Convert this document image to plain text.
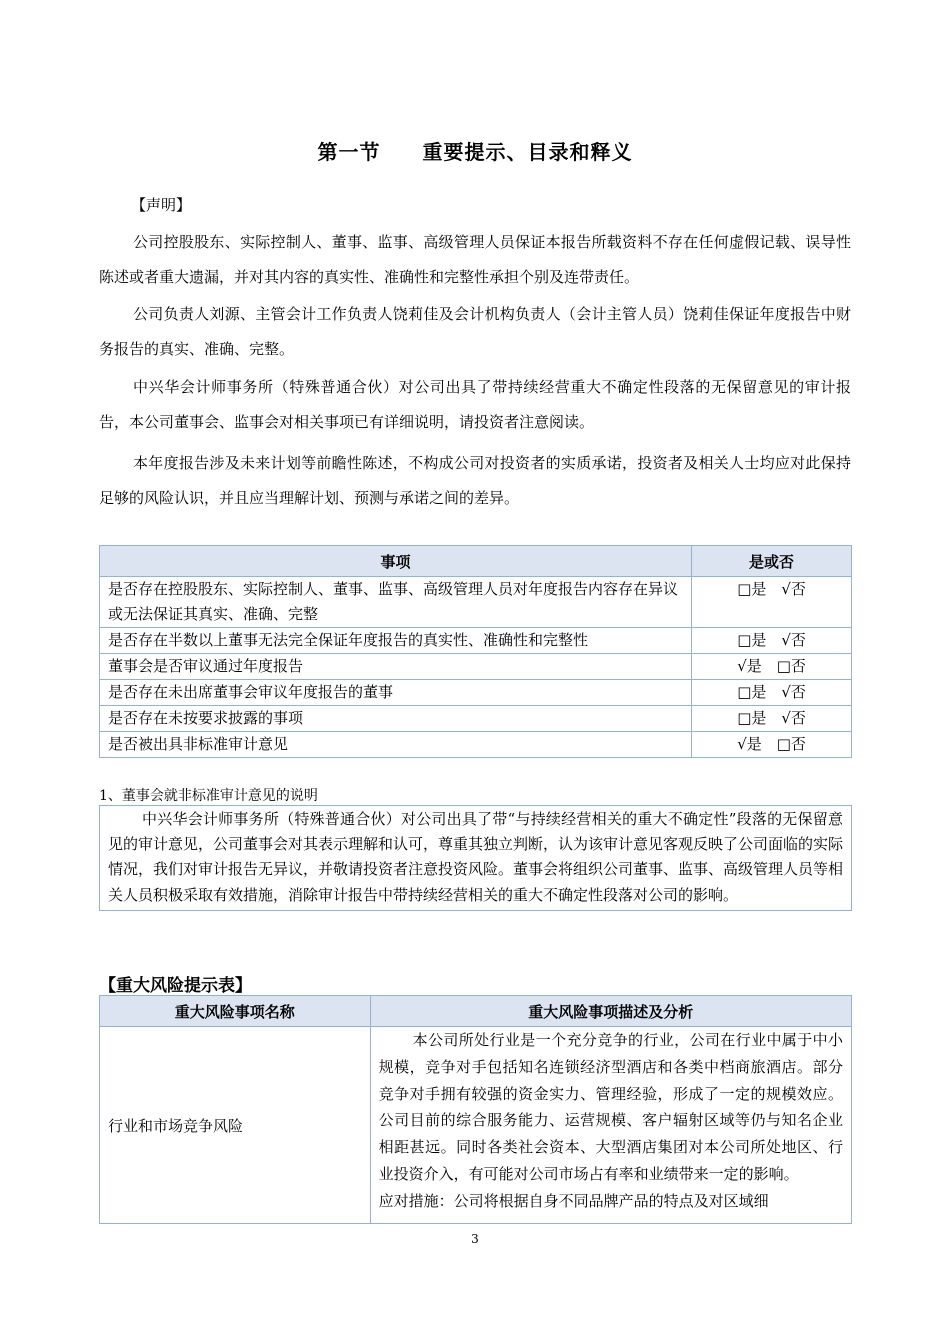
第一节　　重要提示、目录和释义
【声明】
公司控股股东、实际控制人、董事、监事、高级管理人员保证本报告所载资料不存在任何虚假记载、误导性陈述或者重大遗漏，并对其内容的真实性、准确性和完整性承担个别及连带责任。
公司负责人刘源、主管会计工作负责人饶莉佳及会计机构负责人（会计主管人员）饶莉佳保证年度报告中财务报告的真实、准确、完整。
中兴华会计师事务所（特殊普通合伙）对公司出具了带持续经营重大不确定性段落的无保留意见的审计报告，本公司董事会、监事会对相关事项已有详细说明，请投资者注意阅读。
本年度报告涉及未来计划等前瞻性陈述，不构成公司对投资者的实质承诺，投资者及相关人士均应对此保持足够的风险认识，并且应当理解计划、预测与承诺之间的差异。
事项	是或否
是否存在控股股东、实际控制人、董事、监事、高级管理人员对年度报告内容存在异议或无法保证其真实、准确、完整	□是　√否
是否存在半数以上董事无法完全保证年度报告的真实性、准确性和完整性	□是　√否
董事会是否审议通过年度报告	√是　□否
是否存在未出席董事会审议年度报告的董事	□是　√否
是否存在未按要求披露的事项	□是　√否
是否被出具非标准审计意见	√是　□否
1、董事会就非标准审计意见的说明
中兴华会计师事务所（特殊普通合伙）对公司出具了带“与持续经营相关的重大不确定性”段落的无保留意见的审计意见，公司董事会对其表示理解和认可，尊重其独立判断，认为该审计意见客观反映了公司面临的实际情况，我们对审计报告无异议，并敬请投资者注意投资风险。董事会将组织公司董事、监事、高级管理人员等相关人员积极采取有效措施，消除审计报告中带持续经营相关的重大不确定性段落对公司的影响。
【重大风险提示表】
重大风险事项名称	重大风险事项描述及分析
行业和市场竞争风险	本公司所处行业是一个充分竞争的行业，公司在行业中属于中小规模，竞争对手包括知名连锁经济型酒店和各类中档商旅酒店。部分竞争对手拥有较强的资金实力、管理经验，形成了一定的规模效应。公司目前的综合服务能力、运营规模、客户辐射区域等仍与知名企业相距甚远。同时各类社会资本、大型酒店集团对本公司所处地区、行业投资介入，有可能对公司市场占有率和业绩带来一定的影响。
应对措施：公司将根据自身不同品牌产品的特点及对区域细
3
